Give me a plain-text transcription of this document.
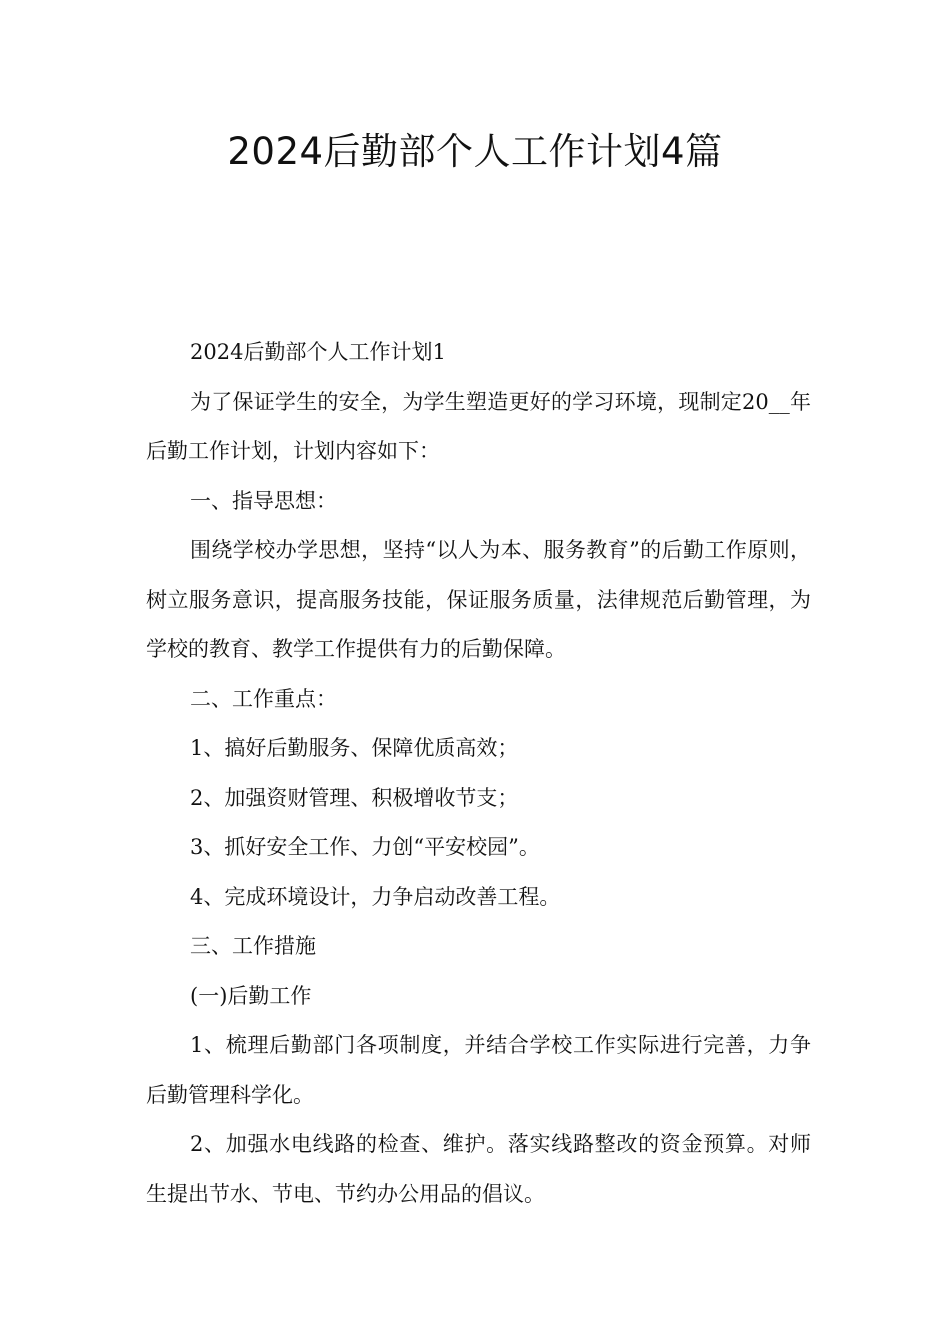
2024后勤部个人工作计划4篇

2024后勤部个人工作计划1

为了保证学生的安全，为学生塑造更好的学习环境，现制定20__年后勤工作计划，计划内容如下：

一、指导思想：

围绕学校办学思想，坚持“以人为本、服务教育”的后勤工作原则，树立服务意识，提高服务技能，保证服务质量，法律规范后勤管理，为学校的教育、教学工作提供有力的后勤保障。

二、工作重点：

1、搞好后勤服务、保障优质高效；

2、加强资财管理、积极增收节支；

3、抓好安全工作、力创“平安校园”。

4、完成环境设计，力争启动改善工程。

三、工作措施

(一)后勤工作

1、梳理后勤部门各项制度，并结合学校工作实际进行完善，力争后勤管理科学化。

2、加强水电线路的检查、维护。落实线路整改的资金预算。对师生提出节水、节电、节约办公用品的倡议。
